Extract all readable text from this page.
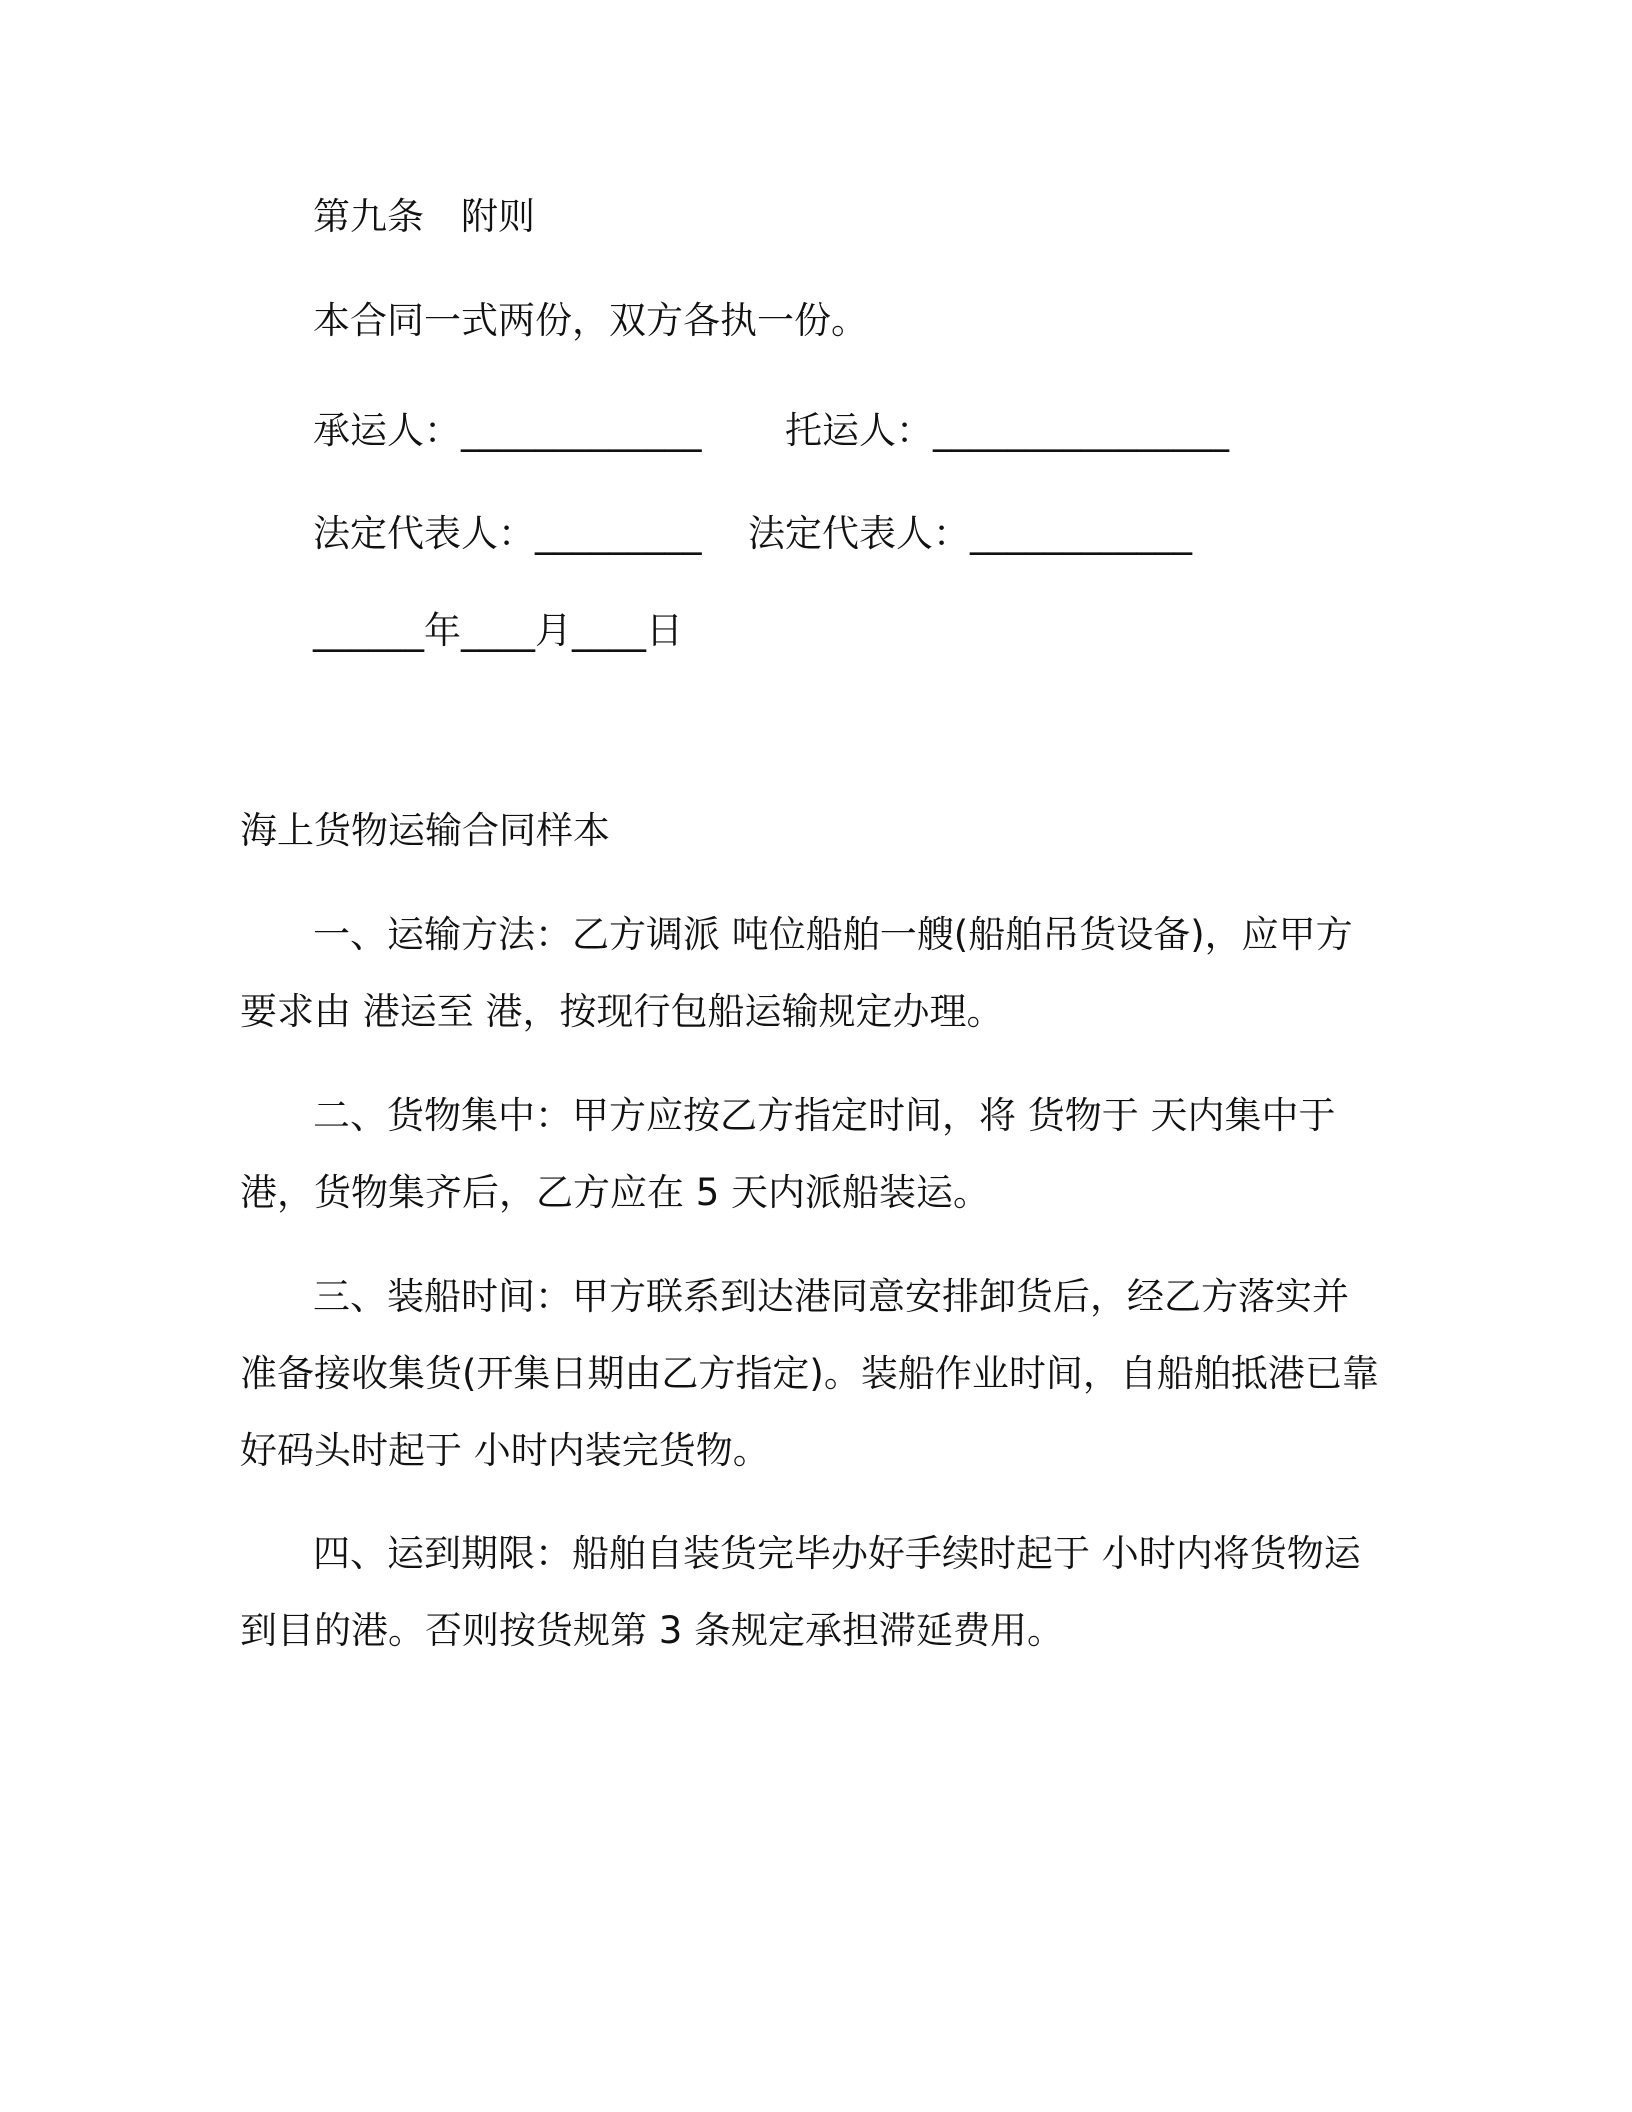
第九条　附则

本合同一式两份，双方各执一份。

承运人：_____________ 托运人：________________
法定代表人：_________ 法定代表人：____________
______年____月____日

海上货物运输合同样本

一、运输方法：乙方调派 吨位船舶一艘(船舶吊货设备)，应甲方要求由 港运至 港，按现行包船运输规定办理。

二、货物集中：甲方应按乙方指定时间，将 货物于 天内集中于 港，货物集齐后，乙方应在 5 天内派船装运。

三、装船时间：甲方联系到达港同意安排卸货后，经乙方落实并准备接收集货(开集日期由乙方指定)。装船作业时间，自船舶抵港已靠好码头时起于 小时内装完货物。

四、运到期限：船舶自装货完毕办好手续时起于 小时内将货物运到目的港。否则按货规第 3 条规定承担滞延费用。
